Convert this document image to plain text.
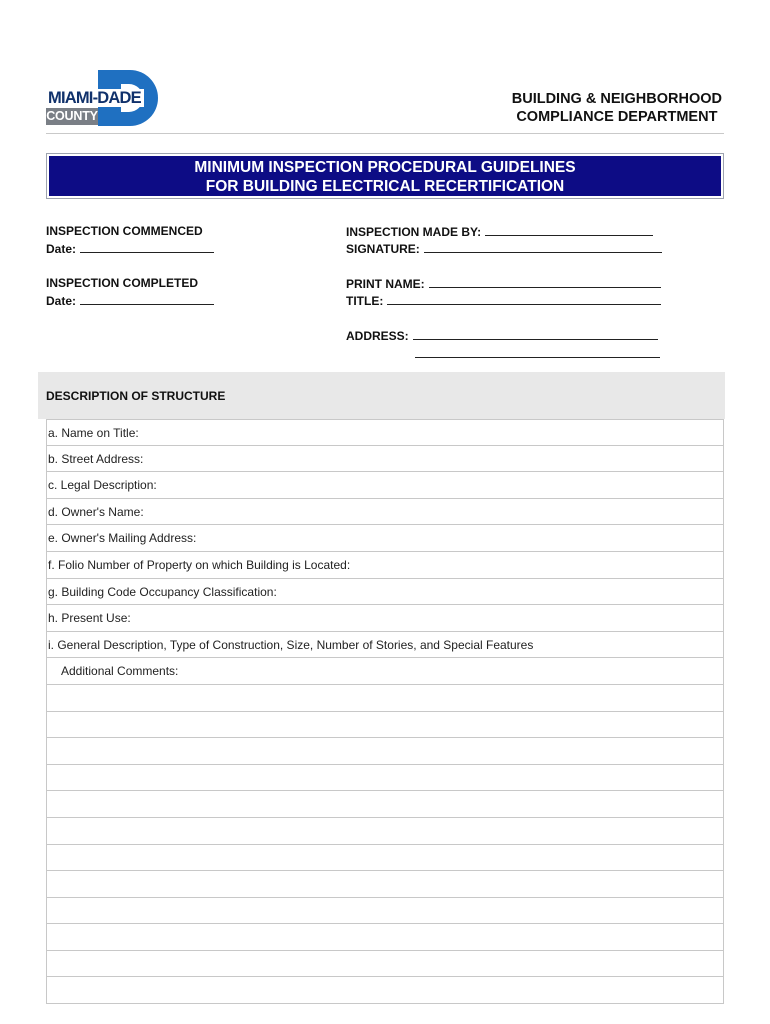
MIAMI-DADE
COUNTY
BUILDING & NEIGHBORHOOD
COMPLIANCE DEPARTMENT
MINIMUM INSPECTION PROCEDURAL GUIDELINES
FOR BUILDING ELECTRICAL RECERTIFICATION
INSPECTION COMMENCED
Date:
INSPECTION COMPLETED
Date:
INSPECTION MADE BY:
SIGNATURE:
PRINT NAME:
TITLE:
ADDRESS:
DESCRIPTION OF STRUCTURE
a. Name on Title:
b. Street Address:
c. Legal Description:
d. Owner's Name:
e. Owner's Mailing Address:
f. Folio Number of Property on which Building is Located:
g. Building Code Occupancy Classification:
h. Present Use:
i. General Description, Type of Construction, Size, Number of Stories, and Special Features
Additional Comments:
